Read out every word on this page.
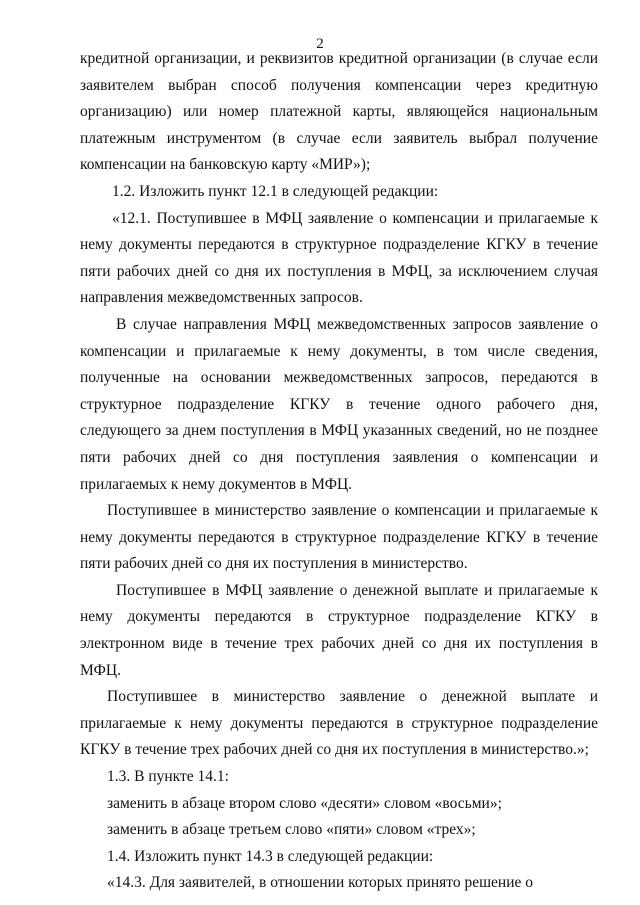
2

кредитной организации, и реквизитов кредитной организации (в случае если заявителем выбран способ получения компенсации через кредитную организацию) или номер платежной карты, являющейся национальным платежным инструментом (в случае если заявитель выбрал получение компенсации на банковскую карту «МИР»);

1.2. Изложить пункт 12.1 в следующей редакции:

«12.1. Поступившее в МФЦ заявление о компенсации и прилагаемые к нему документы передаются в структурное подразделение КГКУ в течение пяти рабочих дней со дня их поступления в МФЦ, за исключением случая направления межведомственных запросов.

В случае направления МФЦ межведомственных запросов заявление о компенсации и прилагаемые к нему документы, в том числе сведения, полученные на основании межведомственных запросов, передаются в структурное подразделение КГКУ в течение одного рабочего дня, следующего за днем поступления в МФЦ указанных сведений, но не позднее пяти рабочих дней со дня поступления заявления о компенсации и прилагаемых к нему документов в МФЦ.

Поступившее в министерство заявление о компенсации и прилагаемые к нему документы передаются в структурное подразделение КГКУ в течение пяти рабочих дней со дня их поступления в министерство.

Поступившее в МФЦ заявление о денежной выплате и прилагаемые к нему документы передаются в структурное подразделение КГКУ в электронном виде в течение трех рабочих дней со дня их поступления в МФЦ.

Поступившее в министерство заявление о денежной выплате и прилагаемые к нему документы передаются в структурное подразделение КГКУ в течение трех рабочих дней со дня их поступления в министерство.»;

1.3. В пункте 14.1:

заменить в абзаце втором слово «десяти» словом «восьми»;

заменить в абзаце третьем слово «пяти» словом «трех»;

1.4. Изложить пункт 14.3 в следующей редакции:

«14.3. Для заявителей, в отношении которых принято решение о
